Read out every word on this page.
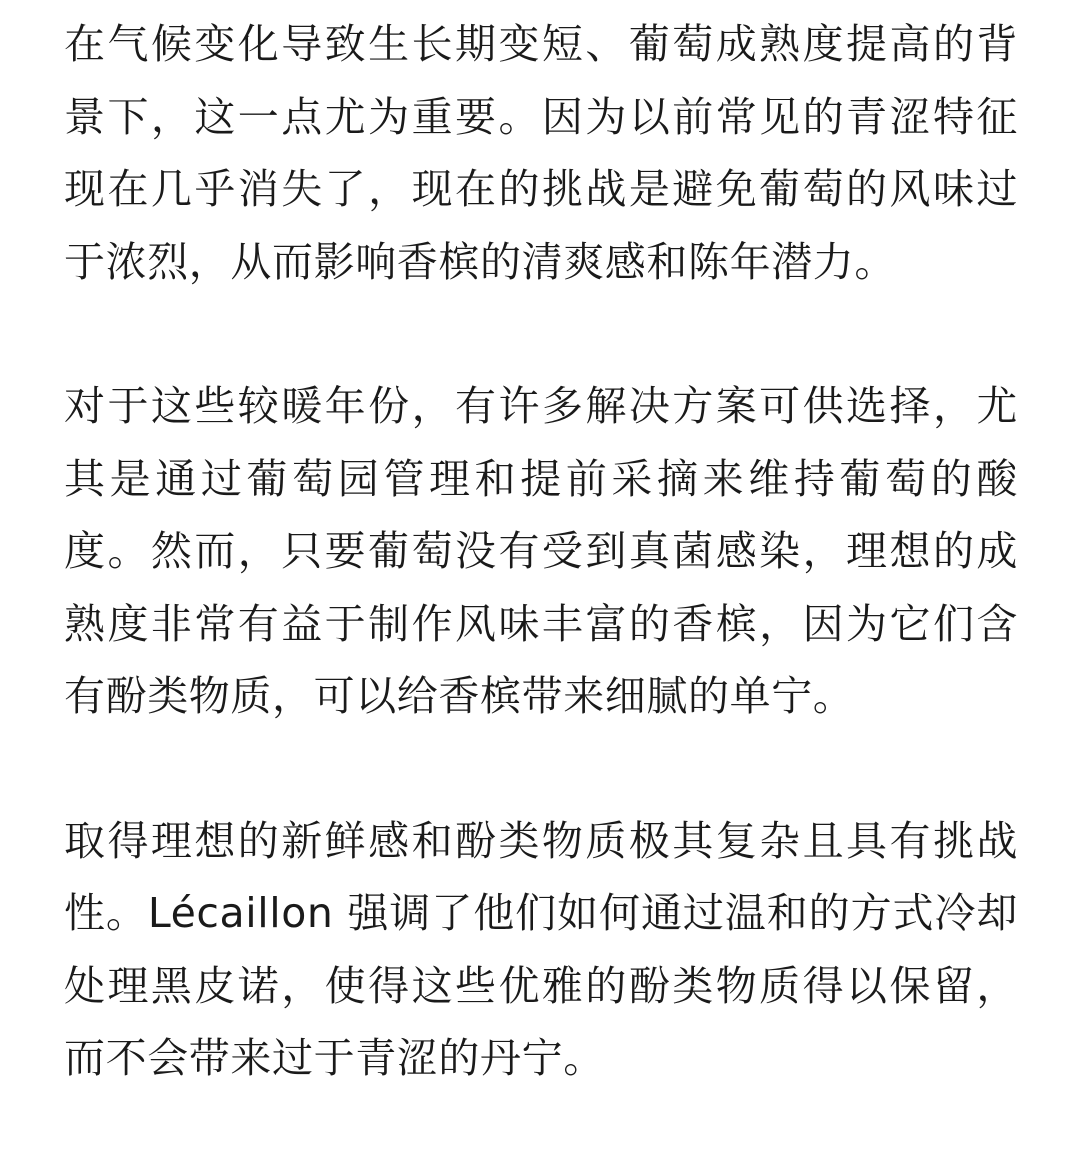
在气候变化导致生长期变短、葡萄成熟度提高的背景下，这一点尤为重要。因为以前常见的青涩特征现在几乎消失了，现在的挑战是避免葡萄的风味过于浓烈，从而影响香槟的清爽感和陈年潜力。

对于这些较暖年份，有许多解决方案可供选择，尤其是通过葡萄园管理和提前采摘来维持葡萄的酸度。然而，只要葡萄没有受到真菌感染，理想的成熟度非常有益于制作风味丰富的香槟，因为它们含有酚类物质，可以给香槟带来细腻的单宁。

取得理想的新鲜感和酚类物质极其复杂且具有挑战性。Lécaillon 强调了他们如何通过温和的方式冷却处理黑皮诺，使得这些优雅的酚类物质得以保留，而不会带来过于青涩的丹宁。
